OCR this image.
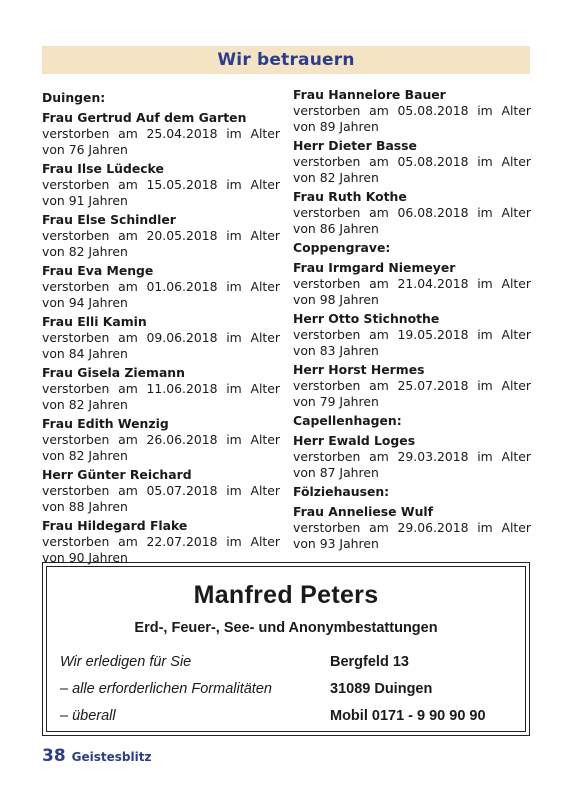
Wir betrauern
Duingen:
Frau Gertrud Auf dem Garten
verstorben am 25.04.2018 im Alter von 76 Jahren
Frau Ilse Lüdecke
verstorben am 15.05.2018 im Alter von 91 Jahren
Frau Else Schindler
verstorben am 20.05.2018 im Alter von 82 Jahren
Frau Eva Menge
verstorben am 01.06.2018 im Alter von 94 Jahren
Frau Elli Kamin
verstorben am 09.06.2018 im Alter von 84 Jahren
Frau Gisela Ziemann
verstorben am 11.06.2018 im Alter von 82 Jahren
Frau Edith Wenzig
verstorben am 26.06.2018 im Alter von 82 Jahren
Herr Günter Reichard
verstorben am 05.07.2018 im Alter von 88 Jahren
Frau Hildegard Flake
verstorben am 22.07.2018 im Alter von 90 Jahren
Frau Hannelore Bauer
verstorben am 05.08.2018 im Alter von 89 Jahren
Herr Dieter Basse
verstorben am 05.08.2018 im Alter von 82 Jahren
Frau Ruth Kothe
verstorben am 06.08.2018 im Alter von 86 Jahren
Coppengrave:
Frau Irmgard Niemeyer
verstorben am 21.04.2018 im Alter von 98 Jahren
Herr Otto Stichnothe
verstorben am 19.05.2018 im Alter von 83 Jahren
Herr Horst Hermes
verstorben am 25.07.2018 im Alter von 79 Jahren
Capellenhagen:
Herr Ewald Loges
verstorben am 29.03.2018 im Alter von 87 Jahren
Fölziehausen:
Frau Anneliese Wulf
verstorben am 29.06.2018 im Alter von 93 Jahren
Manfred Peters
Erd-, Feuer-, See- und Anonymbestattungen
Wir erledigen für Sie
– alle erforderlichen Formalitäten
– überall
Bergfeld 13
31089 Duingen
Mobil 0171 - 9 90 90 90
38 Geistesblitz
